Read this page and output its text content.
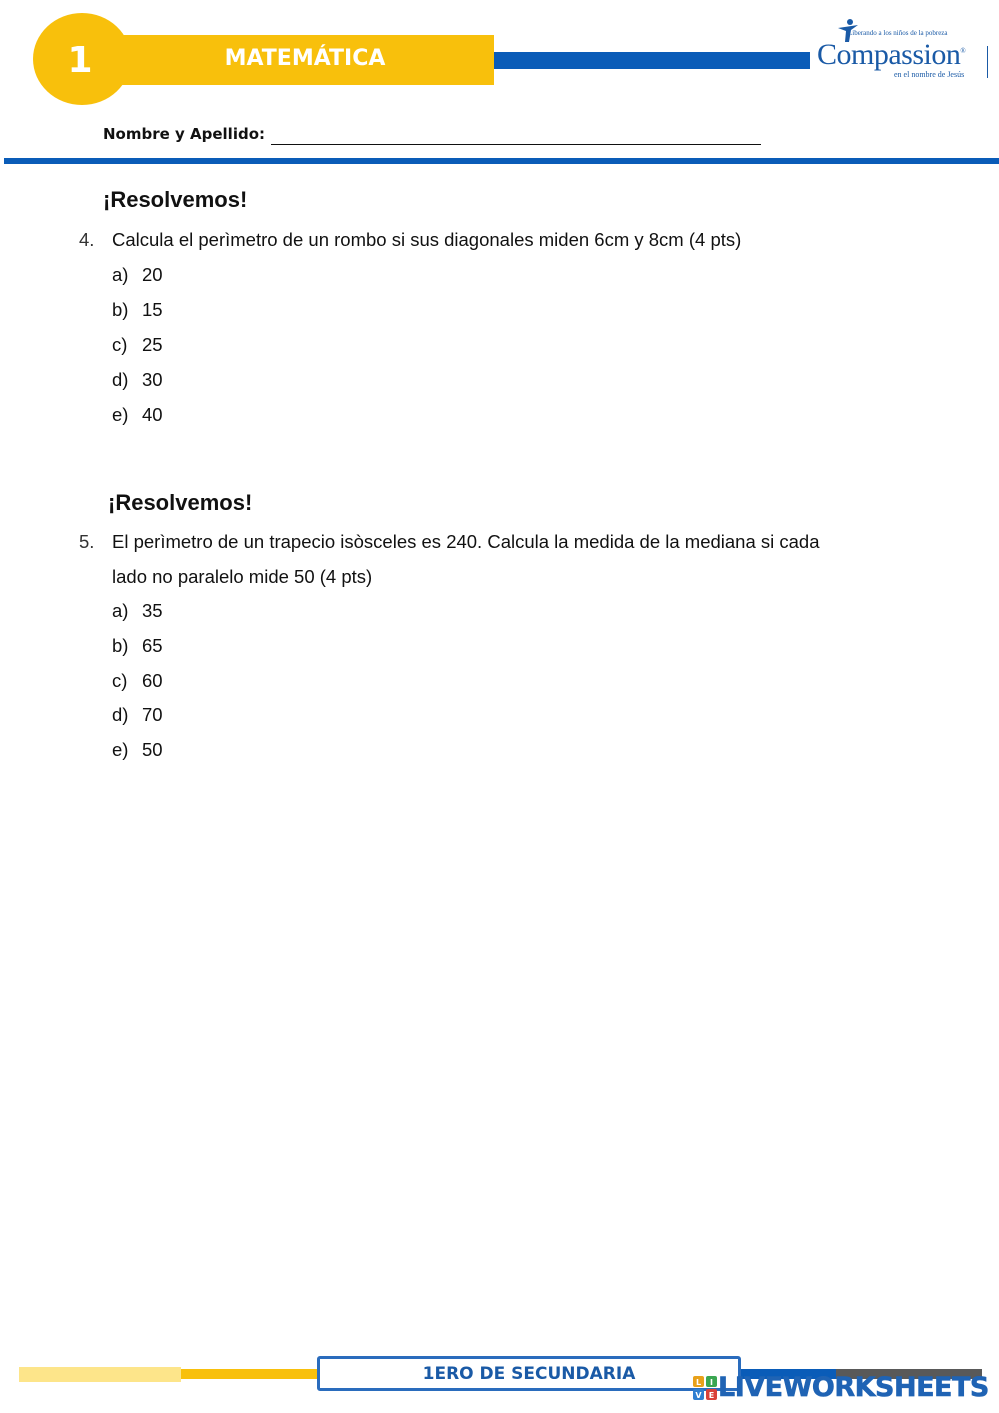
1	MATEMÁTICA
Liberando a los niños de la pobreza
Compassion®
en el nombre de Jesús
Nombre y Apellido:
¡Resolvemos!
4. Calcula el perìmetro de un rombo si sus diagonales miden 6cm y 8cm (4 pts)
a) 20
b) 15
c) 25
d) 30
e) 40
¡Resolvemos!
5. El perìmetro de un trapecio isòsceles es 240. Calcula la medida de la mediana si cada
lado no paralelo mide 50 (4 pts)
a) 35
b) 65
c) 60
d) 70
e) 50
1ERO DE SECUNDARIA	L I
V E LIVEWORKSHEETS
